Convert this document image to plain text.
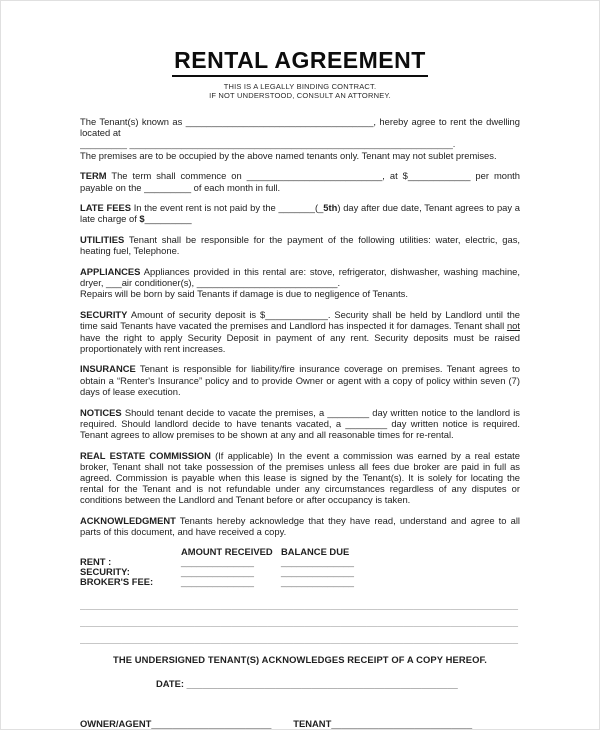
RENTAL AGREEMENT
THIS IS A LEGALLY BINDING CONTRACT.
IF NOT UNDERSTOOD, CONSULT AN ATTORNEY.

The Tenant(s) known as ____________________________________, hereby agree to rent the dwelling located at

_________ ______________________________________________________________.

The premises are to be occupied by the above named tenants only. Tenant may not sublet premises.

TERM The term shall commence on __________________________, at $____________ per month payable on the _________ of each month in full.

LATE FEES In the event rent is not paid by the _______(_5th) day after due date, Tenant agrees to pay a late charge of $_________

UTILITIES Tenant shall be responsible for the payment of the following utilities: water, electric, gas, heating fuel, Telephone.

APPLIANCES Appliances provided in this rental are: stove, refrigerator, dishwasher, washing machine, dryer, ___air conditioner(s), ___________________________.
Repairs will be born by said Tenants if damage is due to negligence of Tenants.

SECURITY Amount of security deposit is $____________. Security shall be held by Landlord until the time said Tenants have vacated the premises and Landlord has inspected it for damages. Tenant shall not have the right to apply Security Deposit in payment of any rent. Security deposits must be raised proportionately with rent increases.

INSURANCE Tenant is responsible for liability/fire insurance coverage on premises. Tenant agrees to obtain a “Renter's Insurance” policy and to provide Owner or agent with a copy of policy within seven (7) days of lease execution.

NOTICES Should tenant decide to vacate the premises, a ________ day written notice to the landlord is required. Should landlord decide to have tenants vacated, a ________ day written notice is required. Tenant agrees to allow premises to be shown at any and all reasonable times for re-rental.

REAL ESTATE COMMISSION (If applicable) In the event a commission was earned by a real estate broker, Tenant shall not take possession of the premises unless all fees due broker are paid in full as agreed. Commission is payable when this lease is signed by the Tenant(s). It is solely for locating the rental for the Tenant and is not refundable under any circumstances regardless of any disputes or conditions between the Landlord and Tenant before or after occupancy is taken.

ACKNOWLEDGMENT Tenants hereby acknowledge that they have read, understand and agree to all parts of this document, and have received a copy.

AMOUNT RECEIVED BALANCE DUE
RENT :	______________	______________
SECURITY:	______________	______________
BROKER'S FEE:	______________	______________
____________________________________________________________________________________
____________________________________________________________________________________
____________________________________________________________________________________
____________________________________________________________________________________
____________________________________________________________________________________

THE UNDERSIGNED TENANT(S) ACKNOWLEDGES RECEIPT OF A COPY HEREOF.

DATE: ____________________________________________________
OWNER/AGENT_______________________ TENANT___________________________
